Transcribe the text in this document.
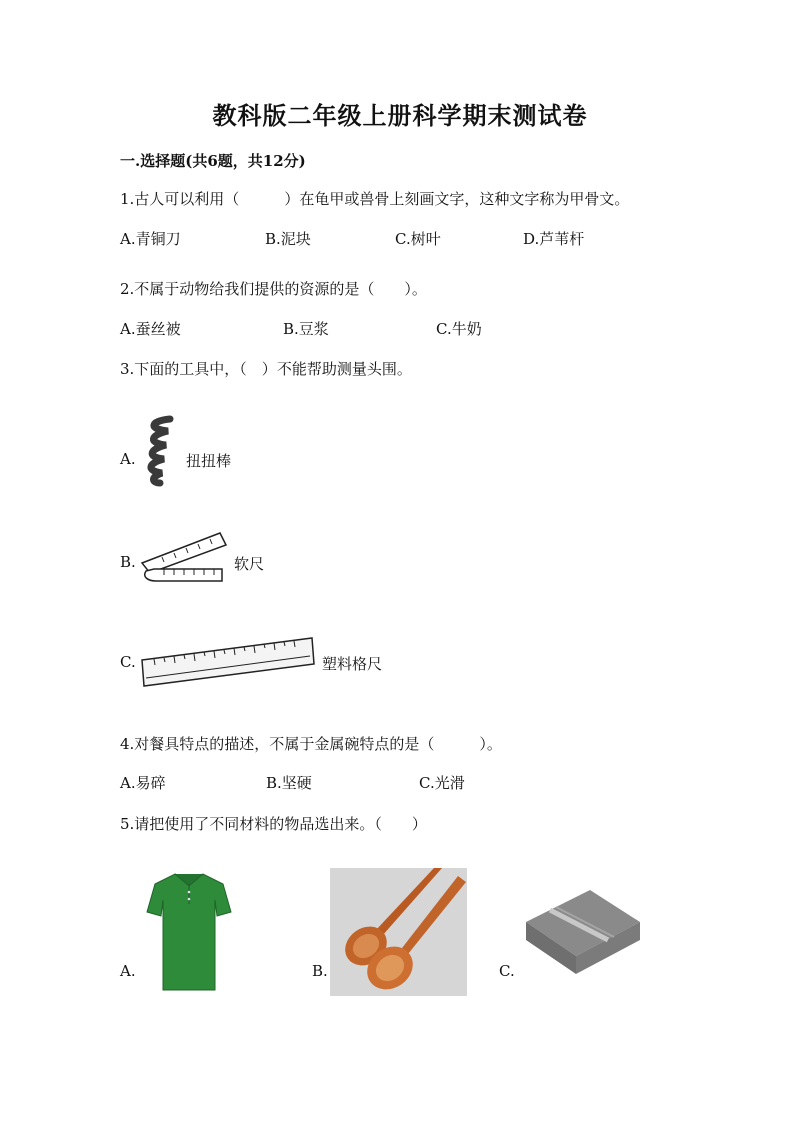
教科版二年级上册科学期末测试卷
一.选择题(共6题，共12分)
1.古人可以利用（　　　）在龟甲或兽骨上刻画文字，这种文字称为甲骨文。
A.青铜刀	B.泥块	C.树叶	D.芦苇杆
2.不属于动物给我们提供的资源的是（　　）。
A.蚕丝被	B.豆浆	C.牛奶
3.下面的工具中，（　）不能帮助测量头围。
A.	扭扭棒
B.	软尺
C.	塑料格尺
4.对餐具特点的描述，不属于金属碗特点的是（　　　）。
A.易碎	B.坚硬	C.光滑
5.请把使用了不同材料的物品选出来。（　　）
A.	B.	C.
